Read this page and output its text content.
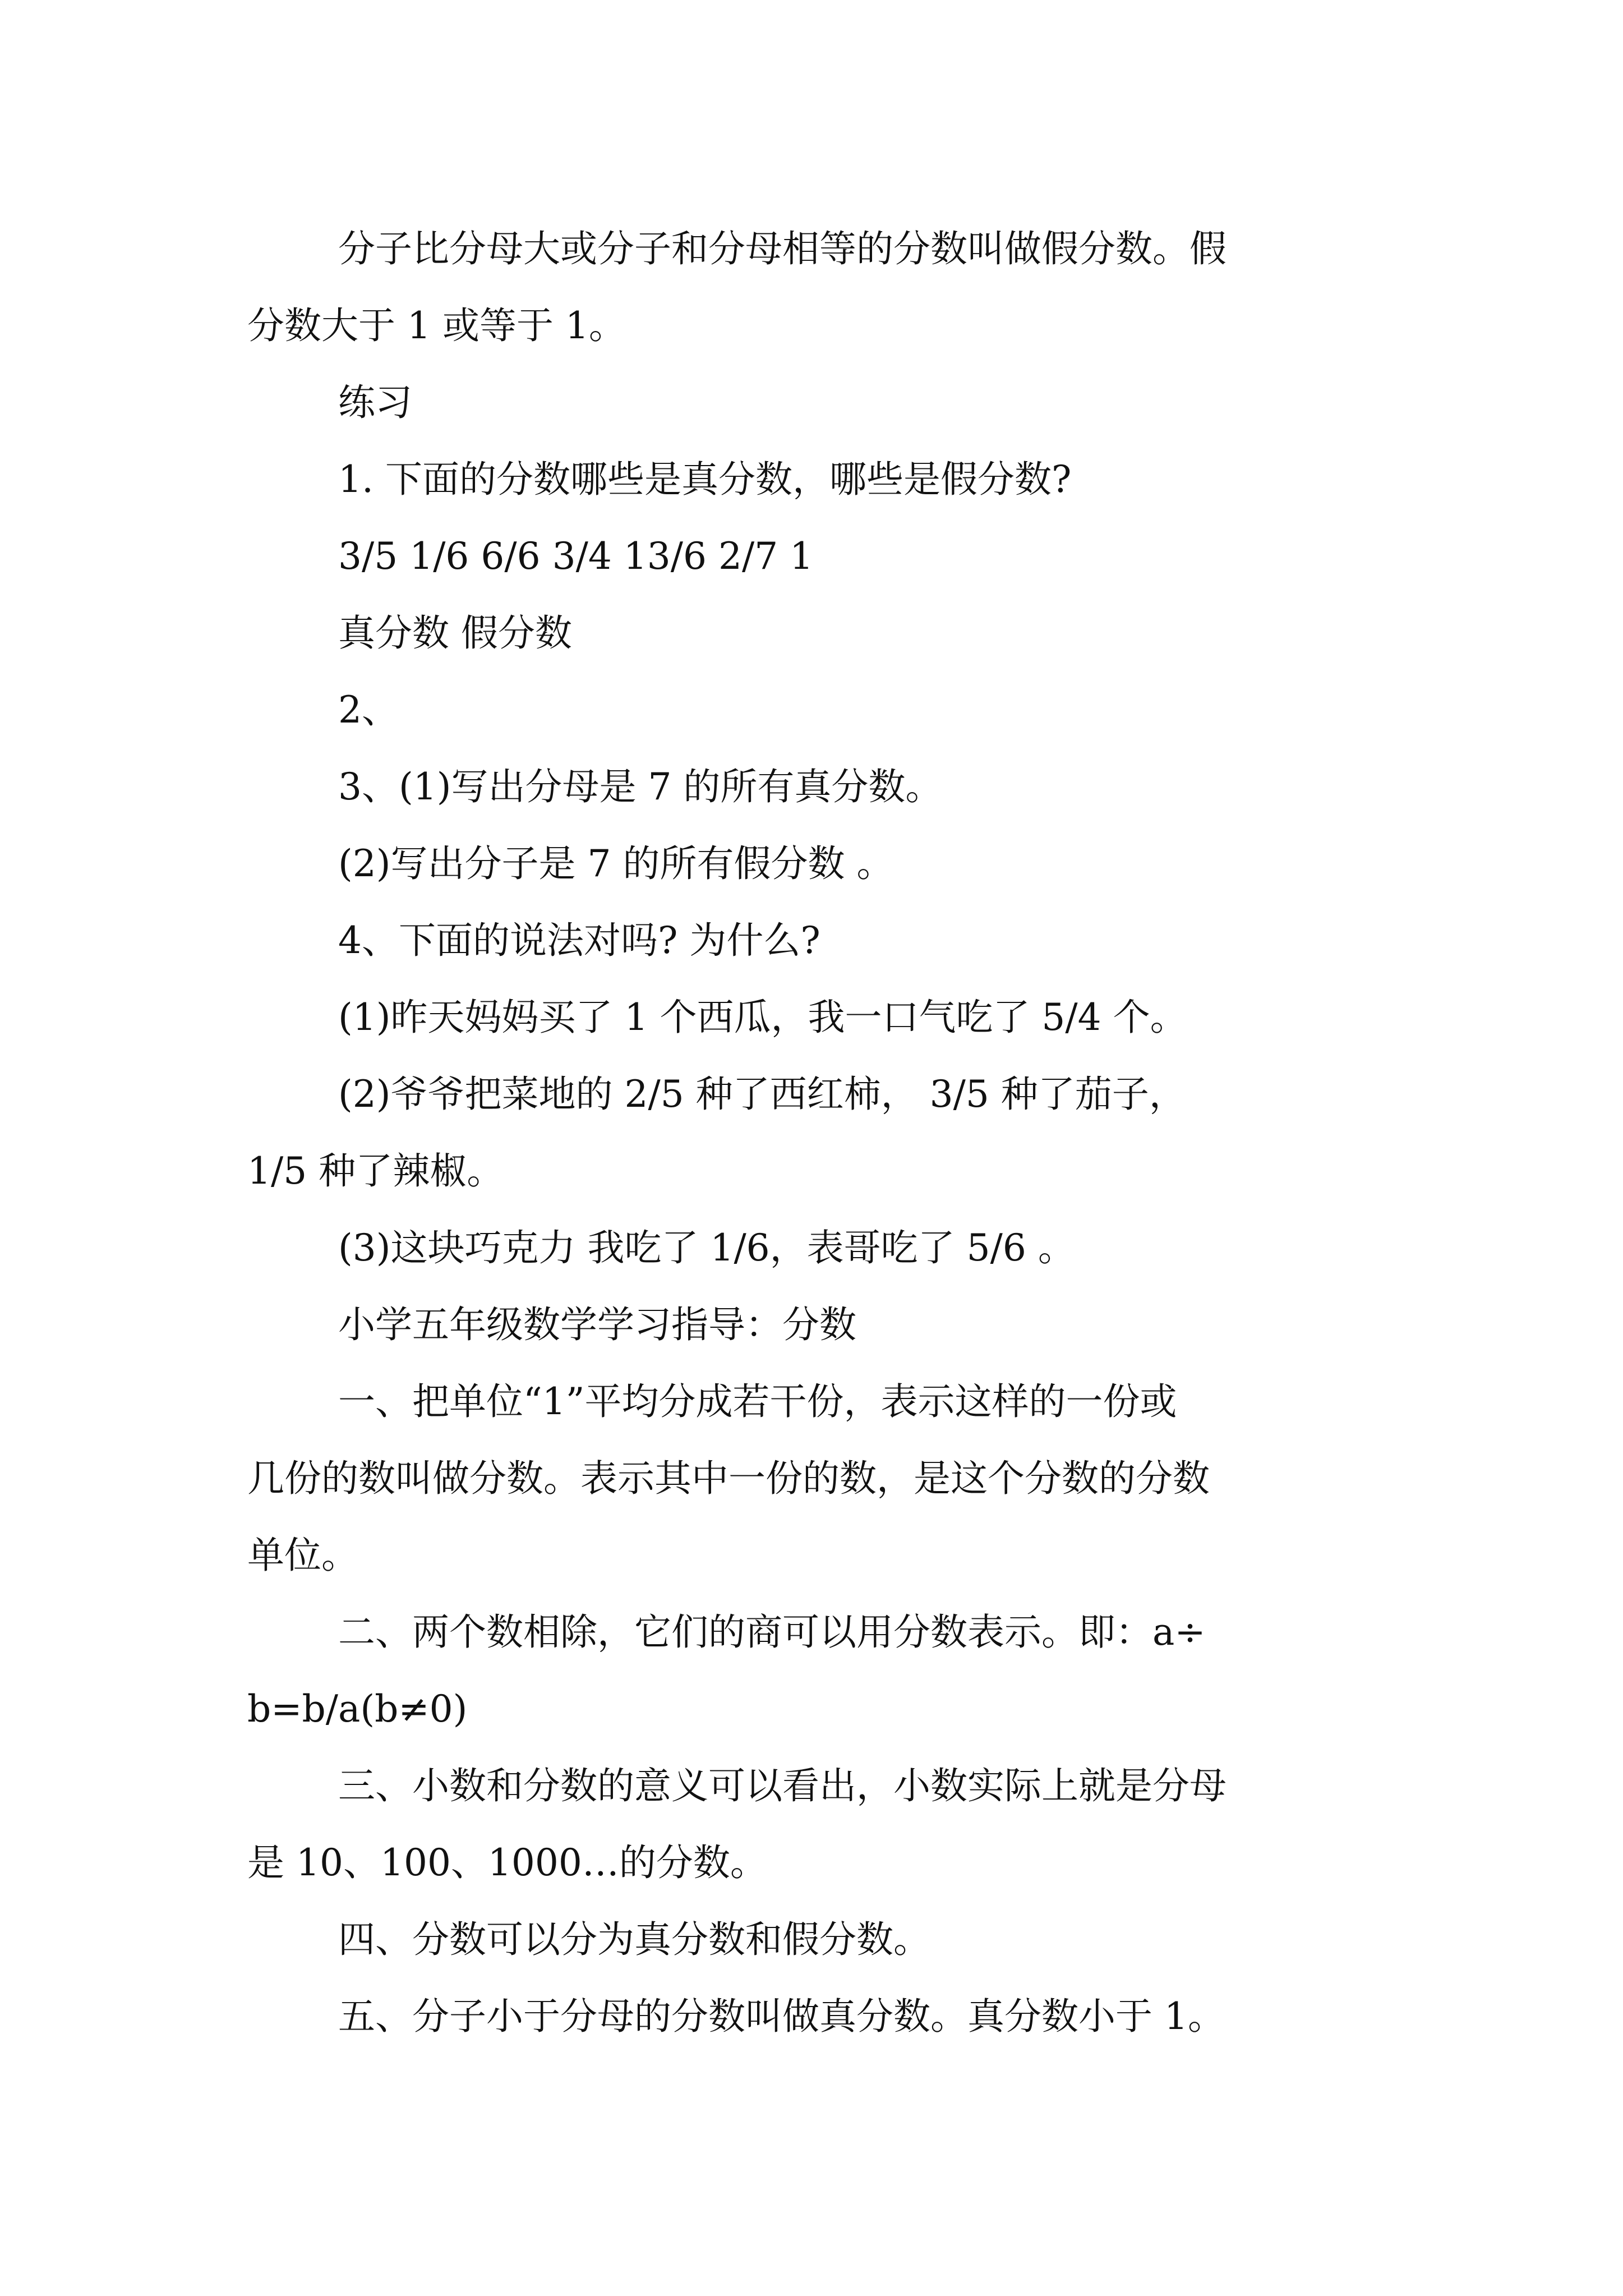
分子比分母大或分子和分母相等的分数叫做假分数。假
分数大于 1 或等于 1。

练习

1. 下面的分数哪些是真分数，哪些是假分数?

3/5 1/6 6/6 3/4 13/6 2/7 1

真分数 假分数

2、

3、(1)写出分母是 7 的所有真分数。

(2)写出分子是 7 的所有假分数 。

4、下面的说法对吗? 为什么?

(1)昨天妈妈买了 1 个西瓜，我一口气吃了 5/4 个。

(2)爷爷把菜地的 2/5 种了西红柿， 3/5 种了茄子，
1/5 种了辣椒。

(3)这块巧克力 我吃了 1/6，表哥吃了 5/6 。

小学五年级数学学习指导：分数

一、把单位“1”平均分成若干份，表示这样的一份或
几份的数叫做分数。表示其中一份的数，是这个分数的分数
单位。

二、两个数相除，它们的商可以用分数表示。即：a÷
b=b/a(b≠0)

三、小数和分数的意义可以看出，小数实际上就是分母
是 10、100、1000…的分数。

四、分数可以分为真分数和假分数。

五、分子小于分母的分数叫做真分数。真分数小于 1。
